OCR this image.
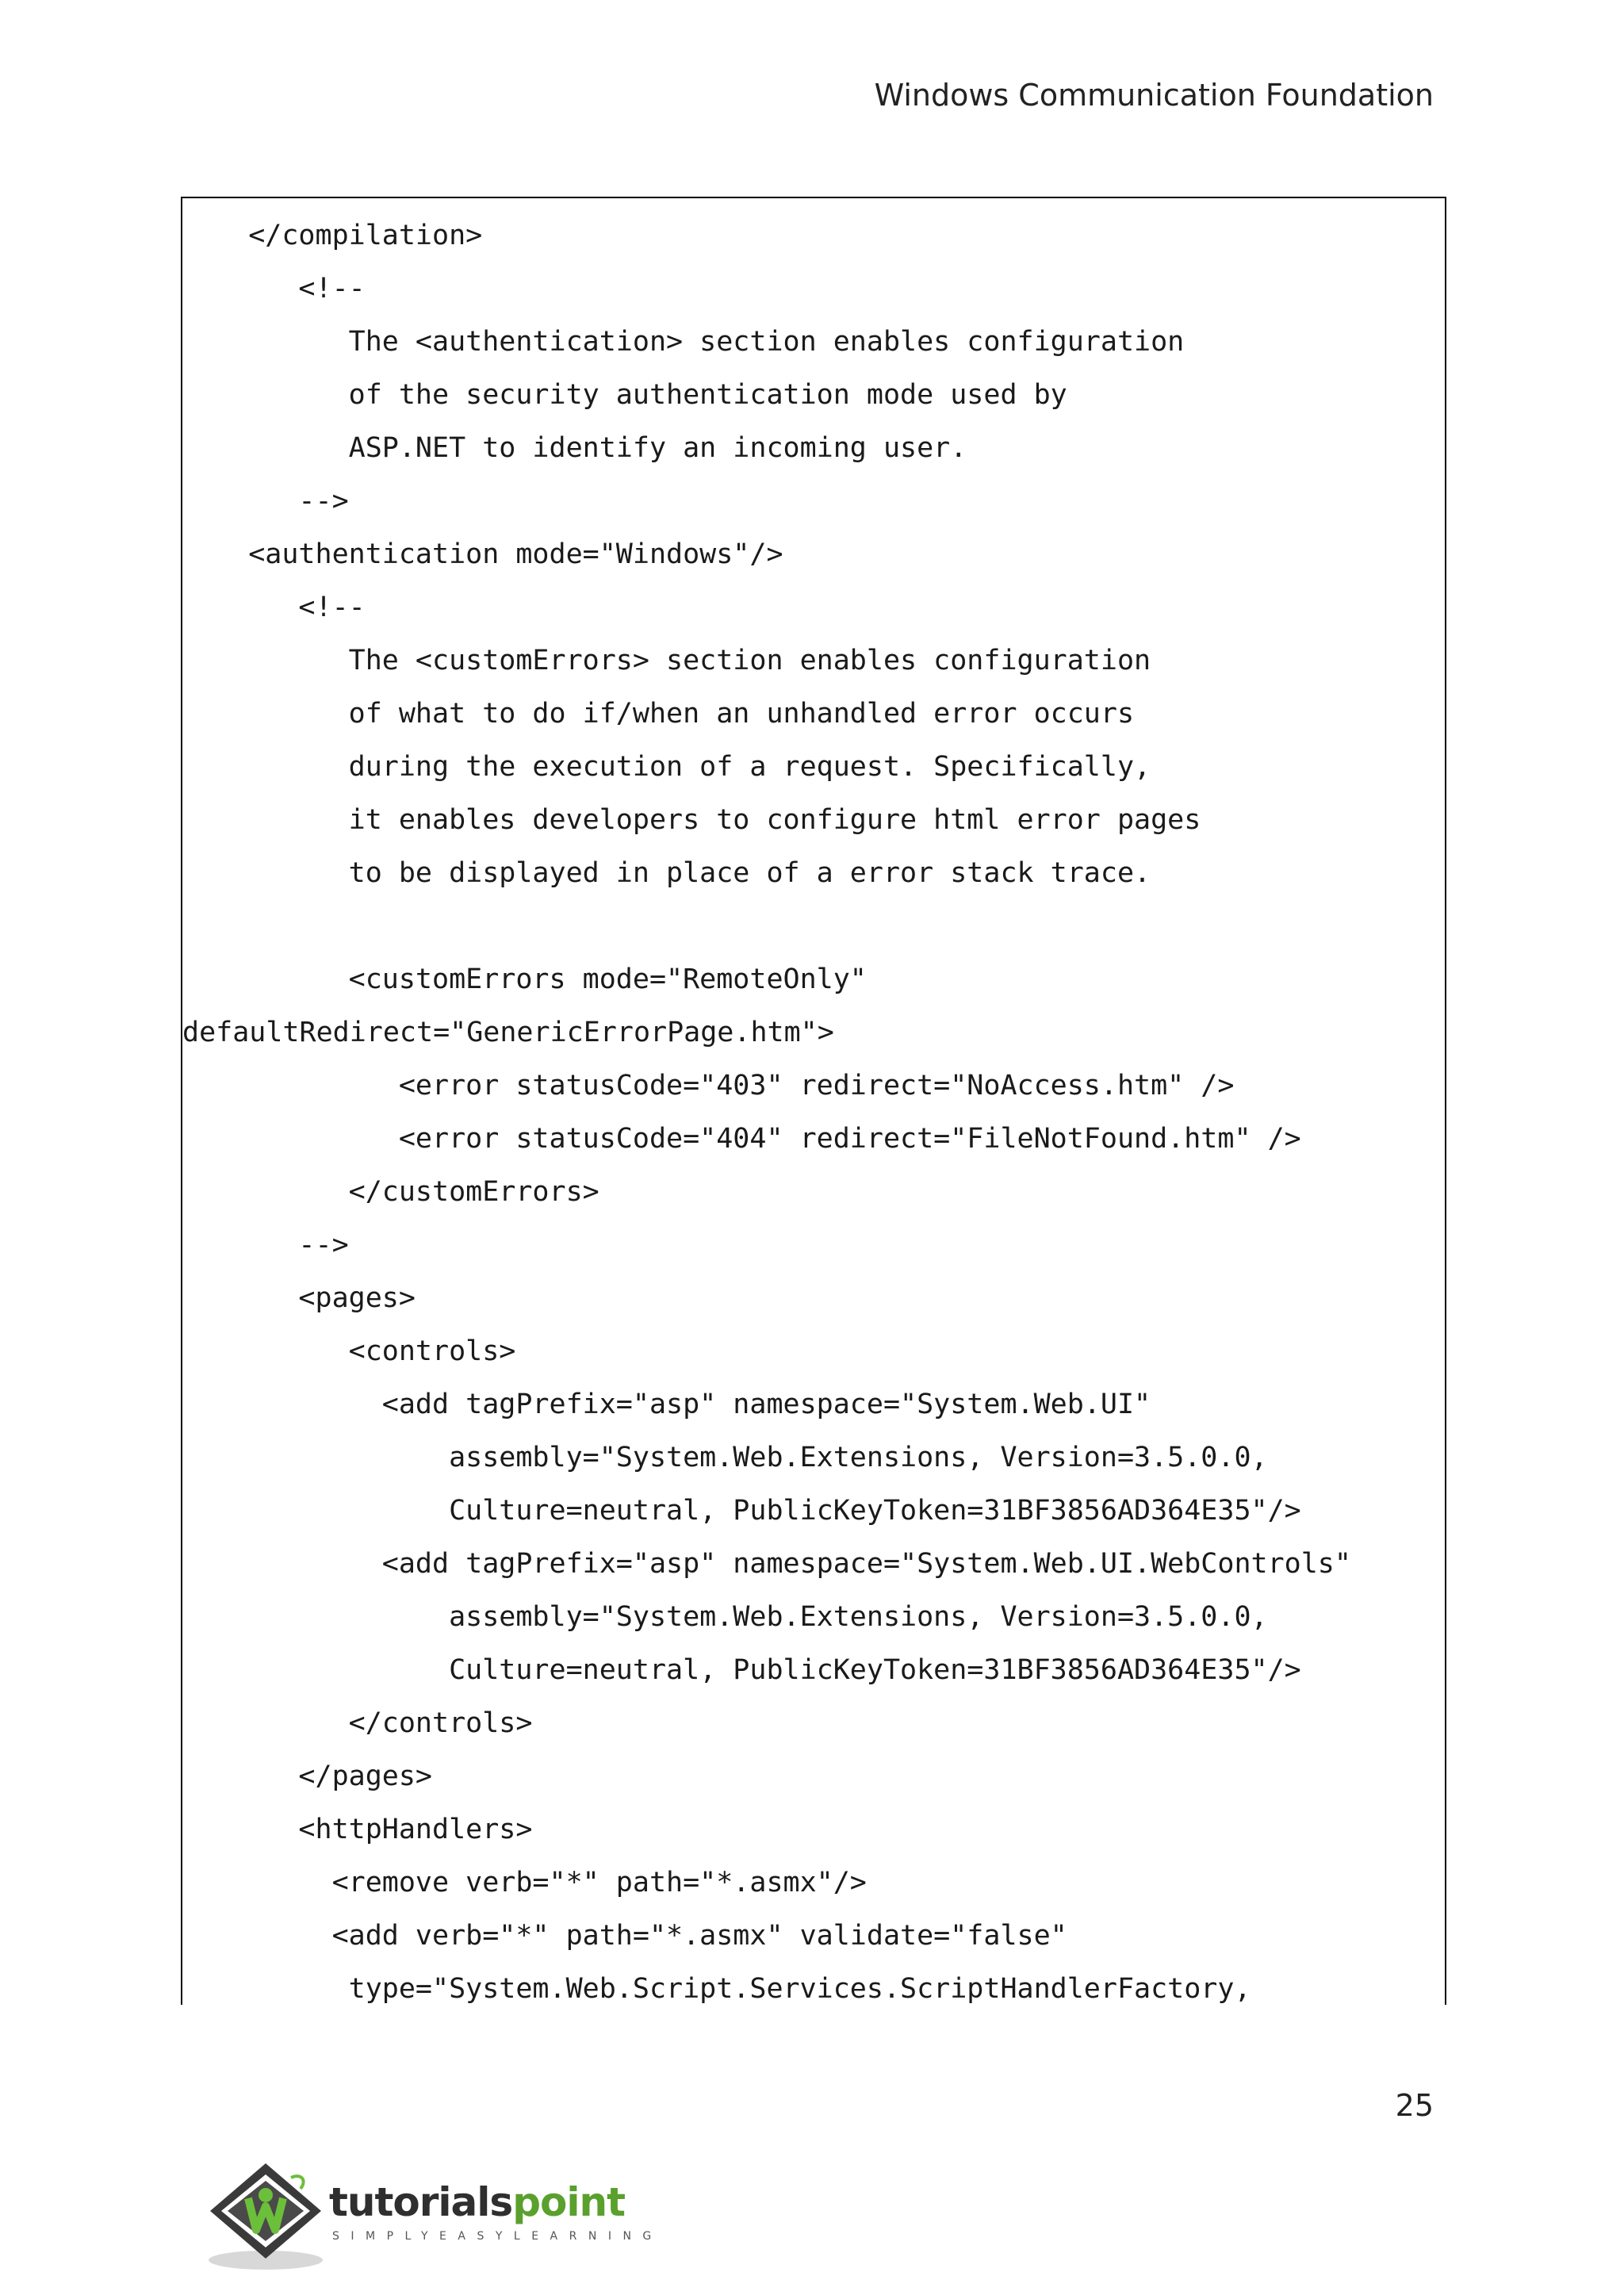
Windows Communication Foundation
</compilation>
<!--
The <authentication> section enables configuration
of the security authentication mode used by
ASP.NET to identify an incoming user.
-->
<authentication mode="Windows"/>
<!--
The <customErrors> section enables configuration
of what to do if/when an unhandled error occurs
during the execution of a request. Specifically,
it enables developers to configure html error pages
to be displayed in place of a error stack trace.
<customErrors mode="RemoteOnly"
defaultRedirect="GenericErrorPage.htm">
<error statusCode="403" redirect="NoAccess.htm" />
<error statusCode="404" redirect="FileNotFound.htm" />
</customErrors>
-->
<pages>
<controls>
<add tagPrefix="asp" namespace="System.Web.UI"
assembly="System.Web.Extensions, Version=3.5.0.0,
Culture=neutral, PublicKeyToken=31BF3856AD364E35"/>
<add tagPrefix="asp" namespace="System.Web.UI.WebControls"
assembly="System.Web.Extensions, Version=3.5.0.0,
Culture=neutral, PublicKeyToken=31BF3856AD364E35"/>
</controls>
</pages>
<httpHandlers>
<remove verb="*" path="*.asmx"/>
<add verb="*" path="*.asmx" validate="false"
type="System.Web.Script.Services.ScriptHandlerFactory,
25
tutorialspoint
SIMPLYEASYLEARNING
